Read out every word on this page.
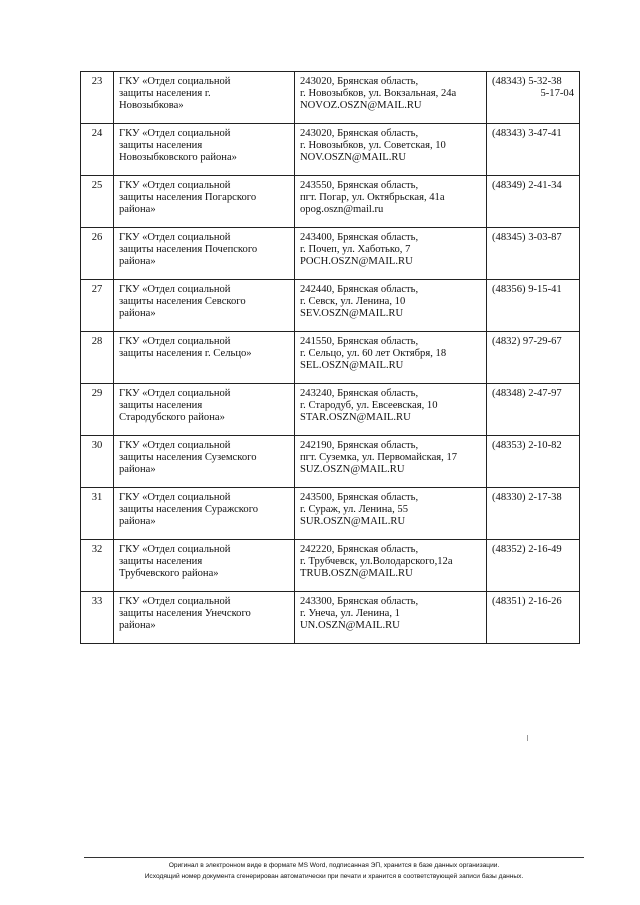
23	ГКУ «Отдел социальной
защиты населения г.
Новозыбкова»	243020, Брянская область,
г. Новозыбков, ул. Вокзальная, 24а
NOVOZ.OSZN@MAIL.RU	(48343) 5-32-38
5-17-04

24	ГКУ «Отдел социальной
защиты населения
Новозыбковского района»	243020, Брянская область,
г. Новозыбков, ул. Советская, 10
NOV.OSZN@MAIL.RU	(48343) 3-47-41

25	ГКУ «Отдел социальной
защиты населения Погарского
района»	243550, Брянская область,
пгт. Погар, ул. Октябрьская, 41а
opog.oszn@mail.ru	(48349) 2-41-34

26	ГКУ «Отдел социальной
защиты населения Почепского
района»	243400, Брянская область,
г. Почеп, ул. Хаботько, 7
POCH.OSZN@MAIL.RU	(48345) 3-03-87

27	ГКУ «Отдел социальной
защиты населения Севского
района»	242440, Брянская область,
г. Севск, ул. Ленина, 10
SEV.OSZN@MAIL.RU	(48356) 9-15-41

28	ГКУ «Отдел социальной
защиты населения г. Сельцо»	241550, Брянская область,
г. Сельцо, ул. 60 лет Октября, 18
SEL.OSZN@MAIL.RU	(4832) 97-29-67

29	ГКУ «Отдел социальной
защиты населения
Стародубского района»	243240, Брянская область,
г. Стародуб, ул. Евсеевская, 10
STAR.OSZN@MAIL.RU	(48348) 2-47-97

30	ГКУ «Отдел социальной
защиты населения Суземского
района»	242190, Брянская область,
пгт. Суземка, ул. Первомайская, 17
SUZ.OSZN@MAIL.RU	(48353) 2-10-82

31	ГКУ «Отдел социальной
защиты населения Суражского
района»	243500, Брянская область,
г. Сураж, ул. Ленина, 55
SUR.OSZN@MAIL.RU	(48330) 2-17-38

32	ГКУ «Отдел социальной
защиты населения
Трубчевского района»	242220, Брянская область,
г. Трубчевск, ул.Володарского,12а
TRUB.OSZN@MAIL.RU	(48352) 2-16-49

33	ГКУ «Отдел социальной
защиты населения Унечского
района»	243300, Брянская область,
г. Унеча, ул. Ленина, 1
UN.OSZN@MAIL.RU	(48351) 2-16-26
Оригинал в электронном виде в формате MS Word, подписанная ЭП, хранится в базе данных организации.
Исходящий номер документа сгенерирован автоматически при печати и хранится в соответствующей записи базы данных.
